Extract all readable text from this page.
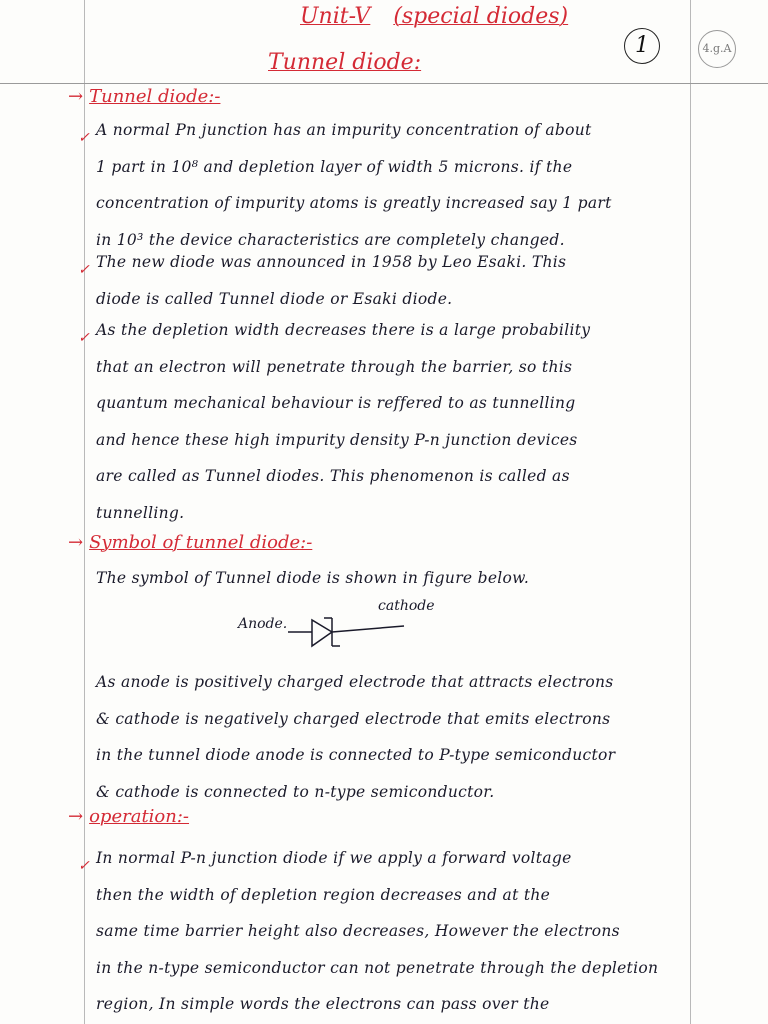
Unit-V (special diodes)
1	4.g.A
Tunnel diode:
→ Tunnel diode:-
✓ A normal Pn junction has an impurity concentration of about
1 part in 10⁸ and depletion layer of width 5 microns. if the
concentration of impurity atoms is greatly increased say 1 part
in 10³ the device characteristics are completely changed.
✓ The new diode was announced in 1958 by Leo Esaki. This
diode is called Tunnel diode or Esaki diode.
✓ As the depletion width decreases there is a large probability
that an electron will penetrate through the barrier, so this
quantum mechanical behaviour is reffered to as tunnelling
and hence these high impurity density P-n junction devices
are called as Tunnel diodes. This phenomenon is called as
tunnelling.
→ Symbol of tunnel diode:-
The symbol of Tunnel diode is shown in figure below.
Anode.
cathode
As anode is positively charged electrode that attracts electrons
& cathode is negatively charged electrode that emits electrons
in the tunnel diode anode is connected to P-type semiconductor
& cathode is connected to n-type semiconductor.
→ operation:-
✓ In normal P-n junction diode if we apply a forward voltage
then the width of depletion region decreases and at the
same time barrier height also decreases, However the electrons
in the n-type semiconductor can not penetrate through the depletion
region, In simple words the electrons can pass over the
